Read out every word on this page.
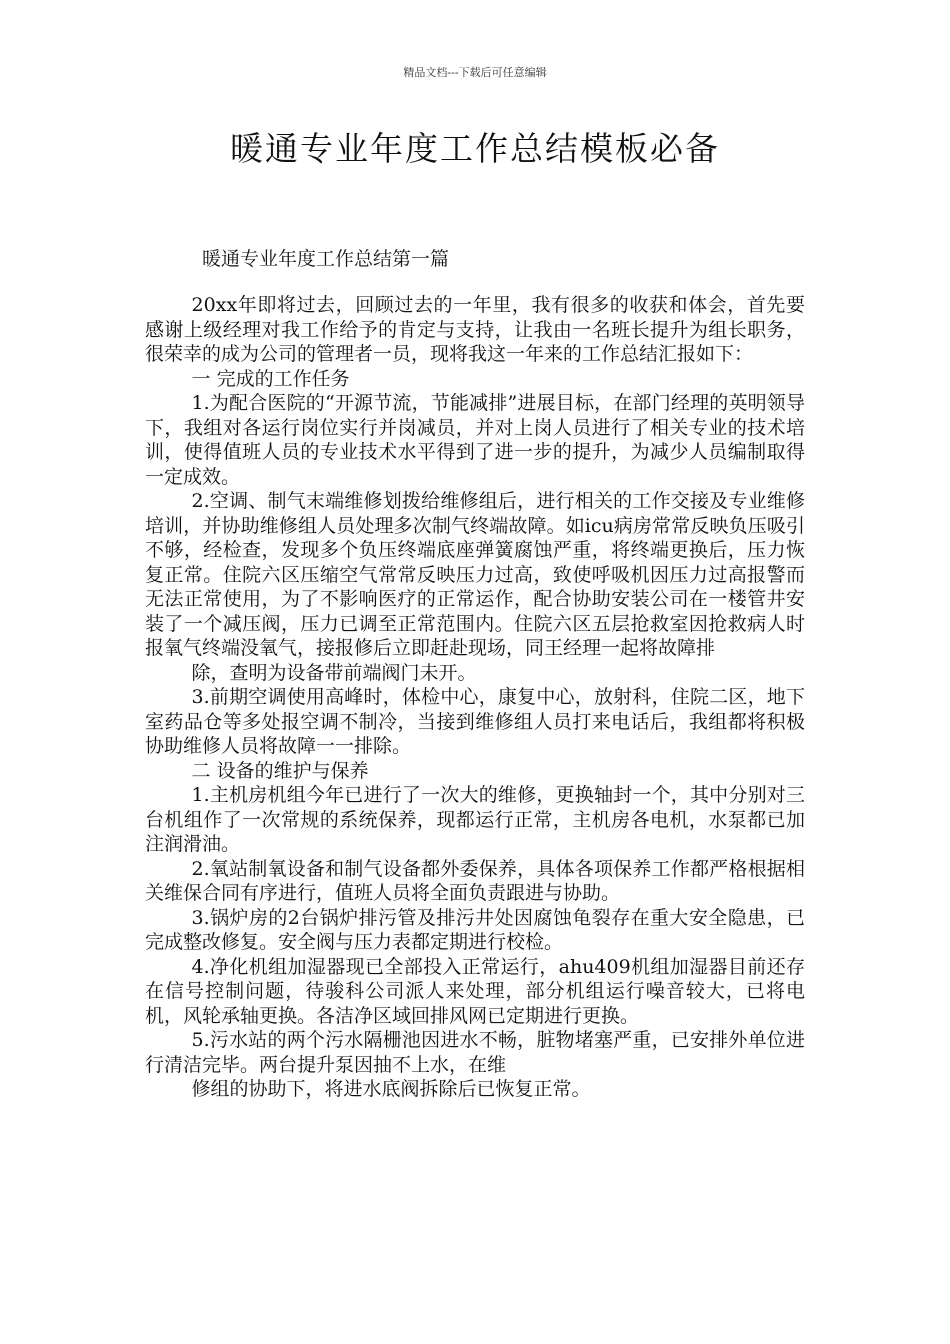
精品文档---下载后可任意编辑
暖通专业年度工作总结模板必备
暖通专业年度工作总结第一篇

20xx年即将过去，回顾过去的一年里，我有很多的收获和体会，首先要感谢上级经理对我工作给予的肯定与支持，让我由一名班长提升为组长职务，很荣幸的成为公司的管理者一员，现将我这一年来的工作总结汇报如下：

一 完成的工作任务

1.为配合医院的“开源节流，节能减排”进展目标，在部门经理的英明领导下，我组对各运行岗位实行并岗减员，并对上岗人员进行了相关专业的技术培训，使得值班人员的专业技术水平得到了进一步的提升，为减少人员编制取得一定成效。

2.空调、制气末端维修划拨给维修组后，进行相关的工作交接及专业维修培训，并协助维修组人员处理多次制气终端故障。如icu病房常常反映负压吸引不够，经检查，发现多个负压终端底座弹簧腐蚀严重，将终端更换后，压力恢复正常。住院六区压缩空气常常反映压力过高，致使呼吸机因压力过高报警而无法正常使用，为了不影响医疗的正常运作，配合协助安装公司在一楼管井安装了一个减压阀，压力已调至正常范围内。住院六区五层抢救室因抢救病人时报氧气终端没氧气，接报修后立即赶赴现场，同王经理一起将故障排

除，查明为设备带前端阀门未开。

3.前期空调使用高峰时，体检中心，康复中心，放射科，住院二区，地下室药品仓等多处报空调不制冷，当接到维修组人员打来电话后，我组都将积极协助维修人员将故障一一排除。

二 设备的维护与保养

1.主机房机组今年已进行了一次大的维修，更换轴封一个，其中分别对三台机组作了一次常规的系统保养，现都运行正常，主机房各电机，水泵都已加注润滑油。

2.氧站制氧设备和制气设备都外委保养，具体各项保养工作都严格根据相关维保合同有序进行，值班人员将全面负责跟进与协助。

3.锅炉房的2台锅炉排污管及排污井处因腐蚀龟裂存在重大安全隐患，已完成整改修复。安全阀与压力表都定期进行校检。

4.净化机组加湿器现已全部投入正常运行，ahu409机组加湿器目前还存在信号控制问题，待骏科公司派人来处理，部分机组运行噪音较大，已将电机，风轮承轴更换。各洁净区域回排风网已定期进行更换。

5.污水站的两个污水隔栅池因进水不畅，脏物堵塞严重，已安排外单位进行清洁完毕。两台提升泵因抽不上水，在维

修组的协助下，将进水底阀拆除后已恢复正常。
